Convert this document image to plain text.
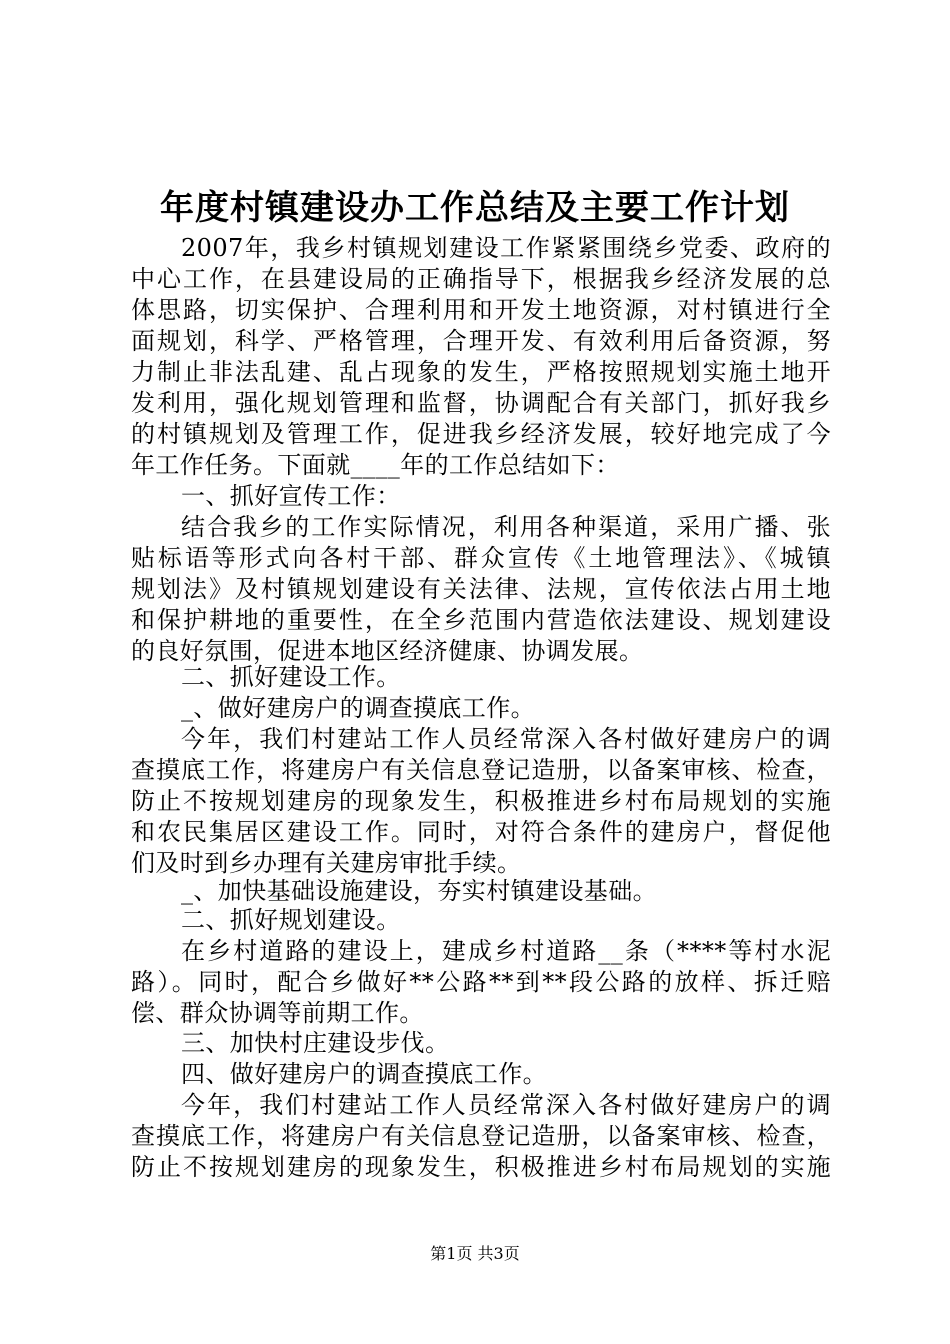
年度村镇建设办工作总结及主要工作计划
2007年，我乡村镇规划建设工作紧紧围绕乡党委、政府的
中心工作，在县建设局的正确指导下，根据我乡经济发展的总
体思路，切实保护、合理利用和开发土地资源，对村镇进行全
面规划，科学、严格管理，合理开发、有效利用后备资源，努
力制止非法乱建、乱占现象的发生，严格按照规划实施土地开
发利用，强化规划管理和监督，协调配合有关部门，抓好我乡
的村镇规划及管理工作，促进我乡经济发展，较好地完成了今
年工作任务。下面就____年的工作总结如下：
一、抓好宣传工作：
结合我乡的工作实际情况，利用各种渠道，采用广播、张
贴标语等形式向各村干部、群众宣传《土地管理法》、《城镇
规划法》及村镇规划建设有关法律、法规，宣传依法占用土地
和保护耕地的重要性，在全乡范围内营造依法建设、规划建设
的良好氛围，促进本地区经济健康、协调发展。
二、抓好建设工作。
_、做好建房户的调查摸底工作。
今年，我们村建站工作人员经常深入各村做好建房户的调
查摸底工作，将建房户有关信息登记造册，以备案审核、检查，
防止不按规划建房的现象发生，积极推进乡村布局规划的实施
和农民集居区建设工作。同时，对符合条件的建房户，督促他
们及时到乡办理有关建房审批手续。
_、加快基础设施建设，夯实村镇建设基础。
二、抓好规划建设。
在乡村道路的建设上，建成乡村道路__条（****等村水泥
路）。同时，配合乡做好**公路**到**段公路的放样、拆迁赔
偿、群众协调等前期工作。
三、加快村庄建设步伐。
四、做好建房户的调查摸底工作。
今年，我们村建站工作人员经常深入各村做好建房户的调
查摸底工作，将建房户有关信息登记造册，以备案审核、检查，
防止不按规划建房的现象发生，积极推进乡村布局规划的实施
第1页 共3页
